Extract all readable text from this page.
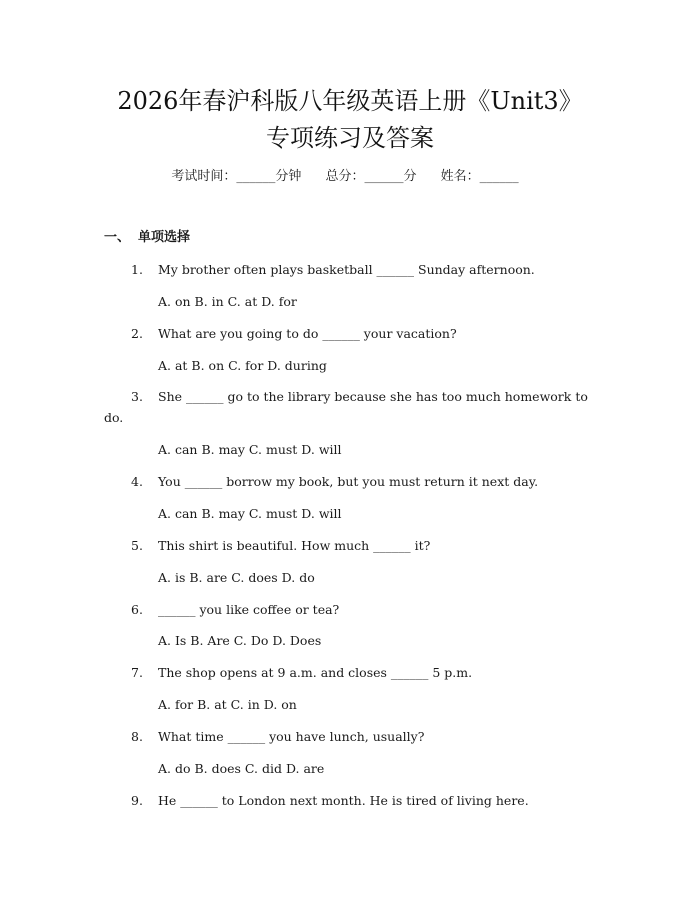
2026年春沪科版八年级英语上册《Unit3》
专项练习及答案
考试时间：______分钟 总分：______分 姓名：______
一、 单项选择
1. My brother often plays basketball ______ Sunday afternoon.
A. on B. in C. at D. for
2. What are you going to do ______ your vacation?
A. at B. on C. for D. during
3. She ______ go to the library because she has too much homework to do.
A. can B. may C. must D. will
4. You ______ borrow my book, but you must return it next day.
A. can B. may C. must D. will
5. This shirt is beautiful. How much ______ it?
A. is B. are C. does D. do
6. ______ you like coffee or tea?
A. Is B. Are C. Do D. Does
7. The shop opens at 9 a.m. and closes ______ 5 p.m.
A. for B. at C. in D. on
8. What time ______ you have lunch, usually?
A. do B. does C. did D. are
9. He ______ to London next month. He is tired of living here.
